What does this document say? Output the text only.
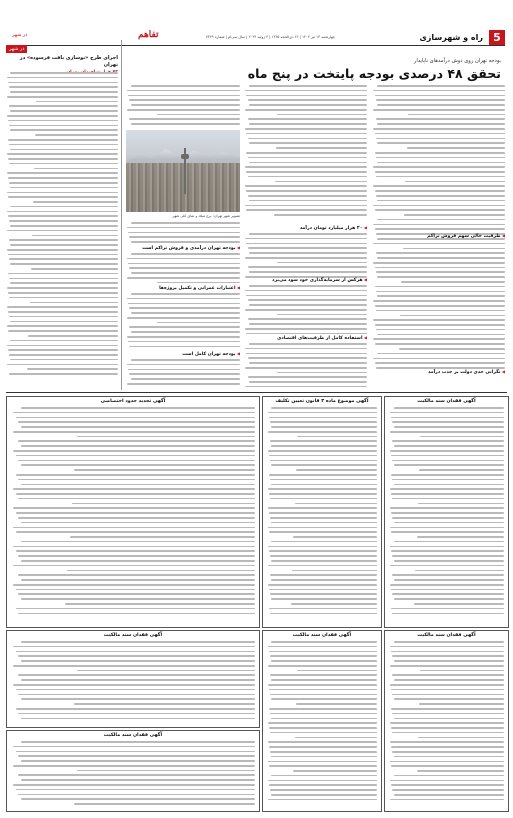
5
راه و شهرسازی
چهارشنبه ۱۳ تیر ۱۴۰۳ | ۲۶ ذی‌الحجه ۱۴۴۵ | ۳ ژوئیه ۲۰۲۴ | سال سی‌ام | شماره ۷۳۲۹
تفاهم
در شهر
بودجه تهران روی دوش درآمدهای ناپایدار
تحقق ۴۸ درصدی بودجه پایتخت در پنج ماه
تصویر شهر تهران؛ برج میلاد و نمای کلی شهر
◀ ۲۰ هزار میلیارد تومان درآمد
◀ هرکس از سرمایه‌گذاری خود سود می‌برد
◀ استفاده کامل از ظرفیت‌های اقتصادی
◀ بودجه تهران درآمدی و فروش تراکم است
◀ اعتبارات عمرانی و تکمیل پروژه‌ها
◀ بودجه تهران کامل است
◀ ظرفیت خالی سهم فروش تراکم
◀ نگرانی جدی دولت بر جذب درآمد
در شهر
اجرای طرح «نوسازی بافت فرسوده» در تهران
آگهی تحدید حدود اختصاصی	آگهی موضوع ماده ۳ قانون تعیین تکلیف	آگهی فقدان سند مالکیت
آگهی فقدان سند مالکیت	آگهی فقدان سند مالکیت	آگهی فقدان سند مالکیت
آگهی فقدان سند مالکیت
